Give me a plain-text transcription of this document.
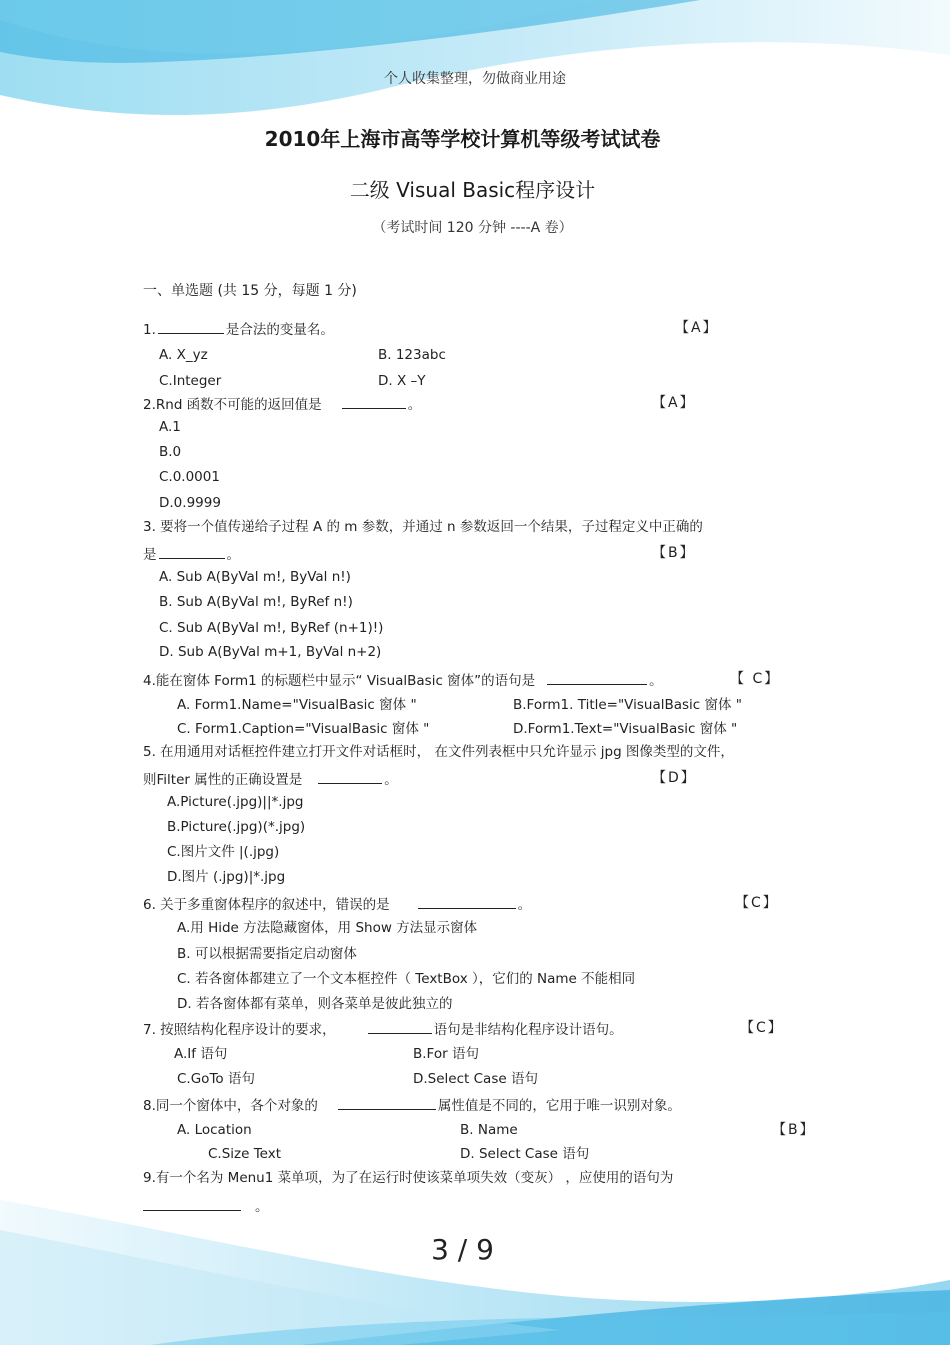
个人收集整理，勿做商业用途
2010年上海市高等学校计算机等级考试试卷
二级 Visual Basic程序设计
（考试时间 120 分钟 ----A 卷）
一、单选题 (共 15 分，每题 1 分)
1.	是合法的变量名。	【A】
A. X_yz	B. 123abc
C.Integer	D. X –Y
2.Rnd 函数不可能的返回值是	。	【A】
A.1
B.0
C.0.0001
D.0.9999
3. 要将一个值传递给子过程 A 的 m 参数，并通过 n 参数返回一个结果，子过程定义中正确的
是	。	【B】
A. Sub A(ByVal m!, ByVal n!)
B. Sub A(ByVal m!, ByRef n!)
C. Sub A(ByVal m!, ByRef (n+1)!)
D. Sub A(ByVal m+1, ByVal n+2)
4.能在窗体 Form1 的标题栏中显示“ VisualBasic 窗体”的语句是	。	【 C】
A. Form1.Name="VisualBasic 窗体 "	B.Form1. Title="VisualBasic 窗体 "
C. Form1.Caption="VisualBasic 窗体 "	D.Form1.Text="VisualBasic 窗体 "
5. 在用通用对话框控件建立打开文件对话框时， 在文件列表框中只允许显示 jpg 图像类型的文件，
则Filter 属性的正确设置是	。	【D】
A.Picture(.jpg)||*.jpg
B.Picture(.jpg)(*.jpg)
C.图片文件 |(.jpg)
D.图片 (.jpg)|*.jpg
6. 关于多重窗体程序的叙述中，错误的是	。	【C】
A.用 Hide 方法隐藏窗体，用 Show 方法显示窗体
B. 可以根据需要指定启动窗体
C. 若各窗体都建立了一个文本框控件（ TextBox ），它们的 Name 不能相同
D. 若各窗体都有菜单，则各菜单是彼此独立的
7. 按照结构化程序设计的要求，	语句是非结构化程序设计语句。	【C】
A.If 语句	B.For 语句
C.GoTo 语句	D.Select Case 语句
8.同一个窗体中，各个对象的	属性值是不同的，它用于唯一识别对象。
【B】
A. Location	B. Name
C.Size Text	D. Select Case 语句
9.有一个名为 Menu1 菜单项，为了在运行时使该菜单项失效（变灰） ，应使用的语句为
。
3 / 9
